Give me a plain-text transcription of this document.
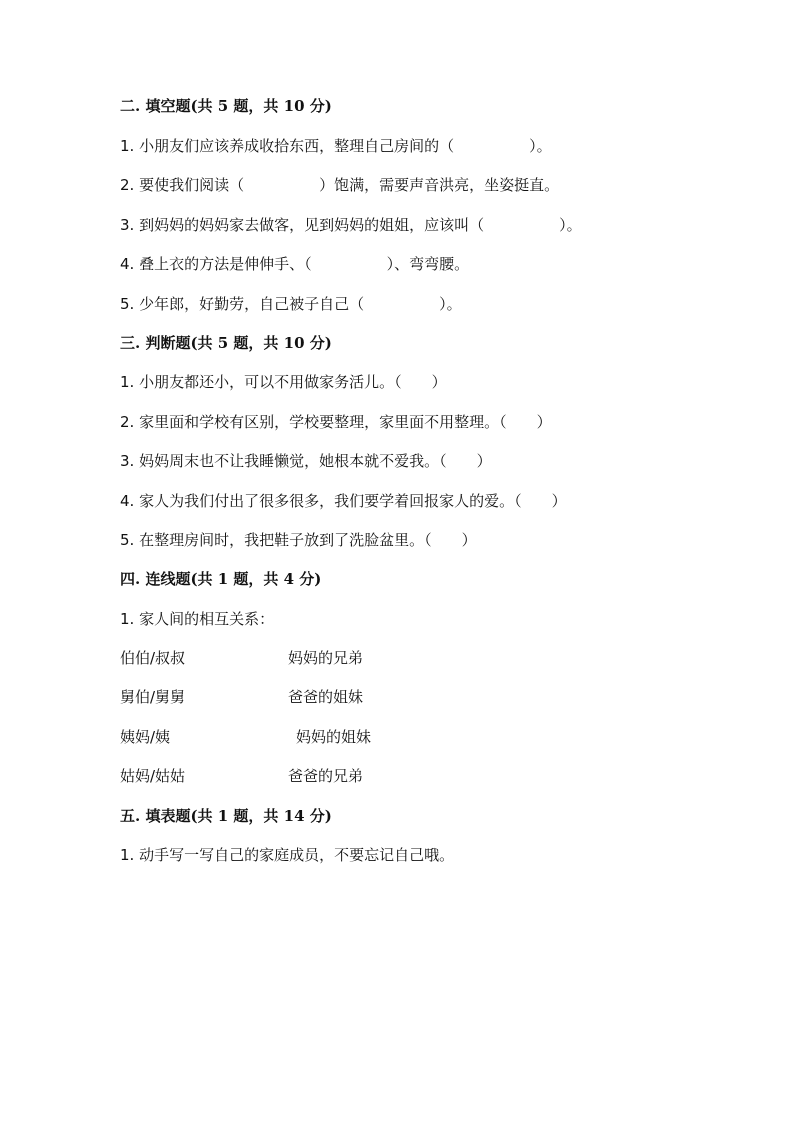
二. 填空题(共 5 题，共 10 分)
1. 小朋友们应该养成收拾东西，整理自己房间的（　　　　　）。
2. 要使我们阅读（　　　　　）饱满，需要声音洪亮，坐姿挺直。
3. 到妈妈的妈妈家去做客，见到妈妈的姐姐，应该叫（　　　　　）。
4. 叠上衣的方法是伸伸手、（　　　　　）、弯弯腰。
5. 少年郎，好勤劳，自己被子自己（　　　　　）。
三. 判断题(共 5 题，共 10 分)
1. 小朋友都还小，可以不用做家务活儿。（　　）
2. 家里面和学校有区别，学校要整理，家里面不用整理。（　　）
3. 妈妈周末也不让我睡懒觉，她根本就不爱我。（　　）
4. 家人为我们付出了很多很多，我们要学着回报家人的爱。（　　）
5. 在整理房间时，我把鞋子放到了洗脸盆里。（　　）
四. 连线题(共 1 题，共 4 分)
1. 家人间的相互关系：
伯伯/叔叔	妈妈的兄弟
舅伯/舅舅	爸爸的姐妹
姨妈/姨	妈妈的姐妹
姑妈/姑姑	爸爸的兄弟
五. 填表题(共 1 题，共 14 分)
1. 动手写一写自己的家庭成员，不要忘记自己哦。
